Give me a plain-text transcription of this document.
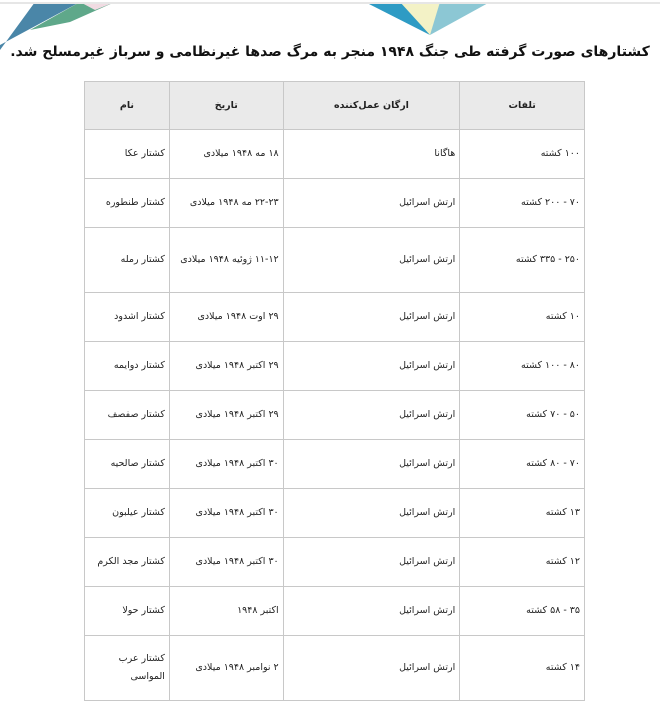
کشتارهای صورت گرفته طی جنگ ۱۹۴۸ منجر به مرگ صدها غیرنظامی و سرباز غیرمسلح شد.
تلفات	ارگان عمل‌کننده	تاریخ	نام
۱۰۰ کشته	هاگانا	۱۸ مه ۱۹۴۸ میلادی	کشتار عکا
۷۰ - ۲۰۰ کشته	ارتش اسرائیل	۲۲-۲۳ مه ۱۹۴۸ میلادی	کشتار طنطوره
۲۵۰ - ۳۳۵ کشته	ارتش اسرائیل	۱۱-۱۲ ژوئیه ۱۹۴۸ میلادی	کشتار رمله
۱۰ کشته	ارتش اسرائیل	۲۹ اوت ۱۹۴۸ میلادی	کشتار اشدود
۸۰ - ۱۰۰ کشته	ارتش اسرائیل	۲۹ اکتبر ۱۹۴۸ میلادی	کشتار دوایمه
۵۰ - ۷۰ کشته	ارتش اسرائیل	۲۹ اکتبر ۱۹۴۸ میلادی	کشتار صفصف
۷۰ - ۸۰ کشته	ارتش اسرائیل	۳۰ اکتبر ۱۹۴۸ میلادی	کشتار صالحیه
۱۳ کشته	ارتش اسرائیل	۳۰ اکتبر ۱۹۴۸ میلادی	کشتار عیلبون
۱۲ کشته	ارتش اسرائیل	۳۰ اکتبر ۱۹۴۸ میلادی	کشتار مجد الکرم
۳۵ - ۵۸ کشته	ارتش اسرائیل	اکتبر ۱۹۴۸	کشتار حولا
۱۴ کشته	ارتش اسرائیل	۲ نوامبر ۱۹۴۸ میلادی	کشتار عرب المواسی
